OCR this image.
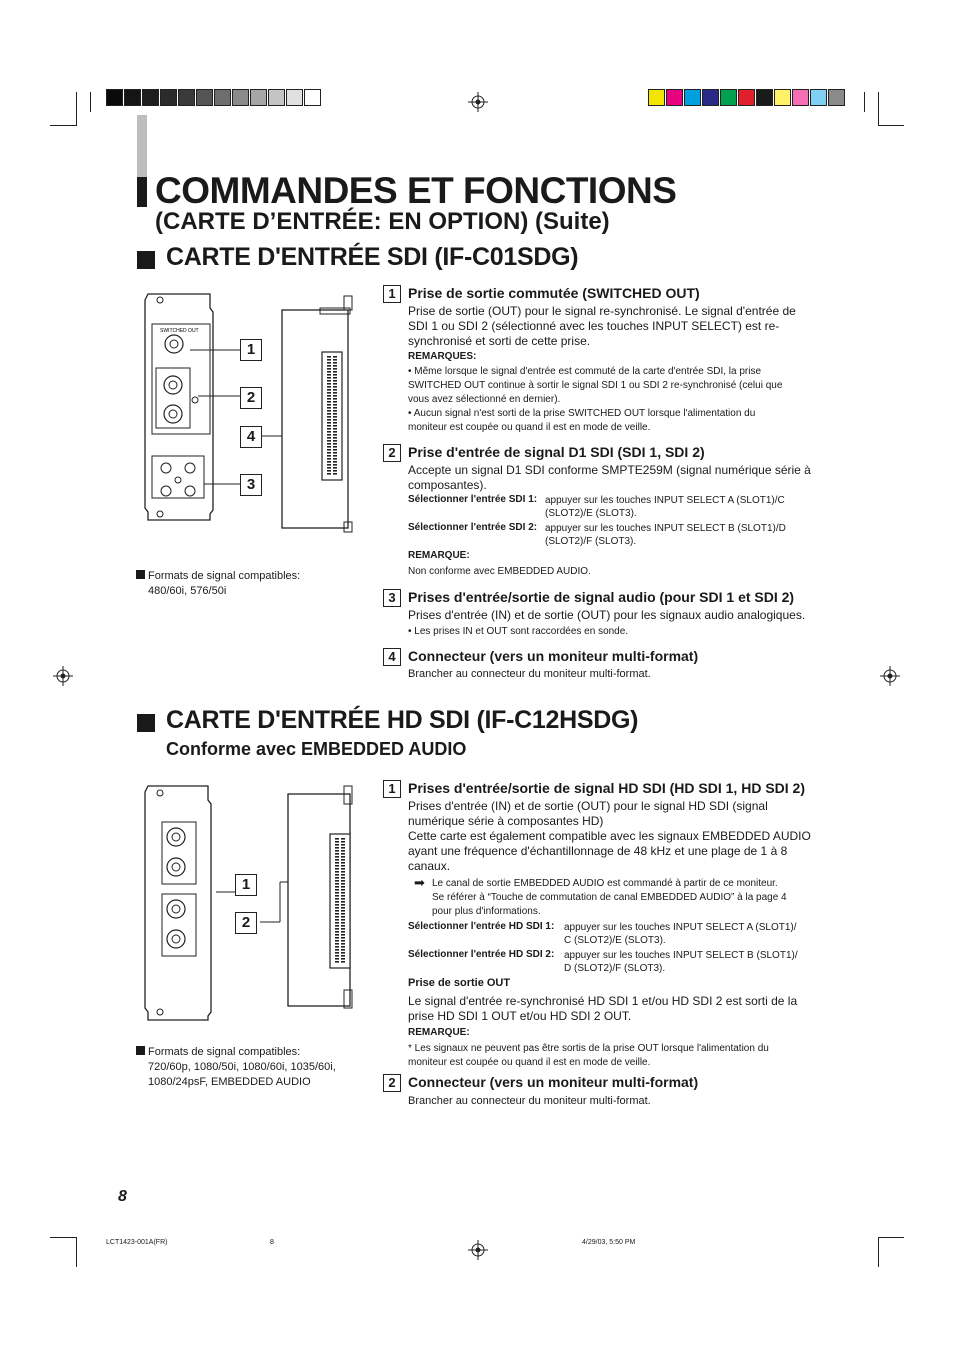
COMMANDES ET FONCTIONS
(CARTE D’ENTRÉE: EN OPTION) (Suite)
CARTE D'ENTRÉE SDI (IF-C01SDG)
SWITCHED OUT
1
2
4
3
Formats de signal compatibles:
480/60i, 576/50i
1 Prise de sortie commutée (SWITCHED OUT)
Prise de sortie (OUT) pour le signal re-synchronisé. Le signal d'entrée de
SDI 1 ou SDI 2 (sélectionné avec les touches INPUT SELECT) est re-
synchronisé et sorti de cette prise.
REMARQUES:
• Même lorsque le signal d'entrée est commuté de la carte d'entrée SDI, la prise
SWITCHED OUT continue à sortir le signal SDI 1 ou SDI 2 re-synchronisé (celui que
vous avez sélectionné en dernier).
• Aucun signal n'est sorti de la prise SWITCHED OUT lorsque l'alimentation du
moniteur est coupée ou quand il est en mode de veille.
2 Prise d'entrée de signal D1 SDI (SDI 1, SDI 2)
Accepte un signal D1 SDI conforme SMPTE259M (signal numérique série à
composantes).
Sélectionner l'entrée SDI 1: appuyer sur les touches INPUT SELECT A (SLOT1)/C
(SLOT2)/E (SLOT3).
Sélectionner l'entrée SDI 2: appuyer sur les touches INPUT SELECT B (SLOT1)/D
(SLOT2)/F (SLOT3).
REMARQUE:
Non conforme avec EMBEDDED AUDIO.
3 Prises d'entrée/sortie de signal audio (pour SDI 1 et SDI 2)
Prises d'entrée (IN) et de sortie (OUT) pour les signaux audio analogiques.
• Les prises IN et OUT sont raccordées en sonde.
4 Connecteur (vers un moniteur multi-format)
Brancher au connecteur du moniteur multi-format.
CARTE D'ENTRÉE HD SDI (IF-C12HSDG)
Conforme avec EMBEDDED AUDIO
1
2
Formats de signal compatibles:
720/60p, 1080/50i, 1080/60i, 1035/60i,
1080/24psF, EMBEDDED AUDIO
1 Prises d'entrée/sortie de signal HD SDI (HD SDI 1, HD SDI 2)
Prises d'entrée (IN) et de sortie (OUT) pour le signal HD SDI (signal
numérique série à composantes HD)
Cette carte est également compatible avec les signaux EMBEDDED AUDIO
ayant une fréquence d'échantillonnage de 48 kHz et une plage de 1 à 8
canaux.
➡ Le canal de sortie EMBEDDED AUDIO est commandé à partir de ce moniteur.
Se référer à “Touche de commutation de canal EMBEDDED AUDIO” à la page 4
pour plus d'informations.
Sélectionner l'entrée HD SDI 1: appuyer sur les touches INPUT SELECT A (SLOT1)/
C (SLOT2)/E (SLOT3).
Sélectionner l'entrée HD SDI 2: appuyer sur les touches INPUT SELECT B (SLOT1)/
D (SLOT2)/F (SLOT3).
Prise de sortie OUT
Le signal d'entrée re-synchronisé HD SDI 1 et/ou HD SDI 2 est sorti de la
prise HD SDI 1 OUT et/ou HD SDI 2 OUT.
REMARQUE:
* Les signaux ne peuvent pas être sortis de la prise OUT lorsque l'alimentation du
moniteur est coupée ou quand il est en mode de veille.
2 Connecteur (vers un moniteur multi-format)
Brancher au connecteur du moniteur multi-format.
8
LCT1423-001A(FR)	8	4/29/03, 5:50 PM
